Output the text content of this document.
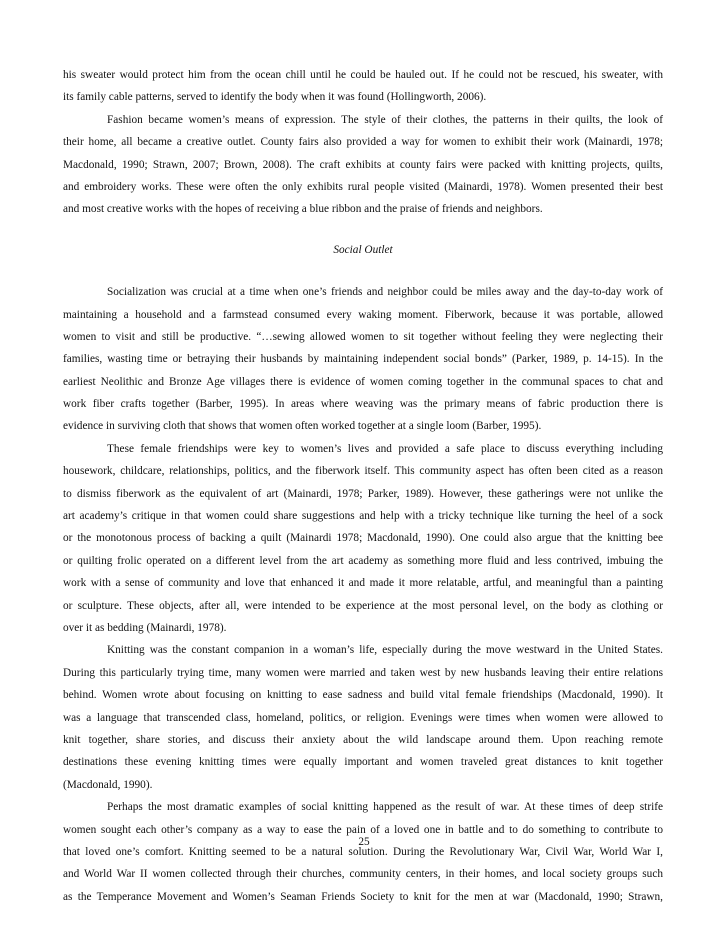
his sweater would protect him from the ocean chill until he could be hauled out. If he could not be rescued, his sweater, with
its family cable patterns, served to identify the body when it was found (Hollingworth, 2006).
Fashion became women’s means of expression. The style of their clothes, the patterns in their quilts, the look of
their home, all became a creative outlet. County fairs also provided a way for women to exhibit their work (Mainardi, 1978;
Macdonald, 1990; Strawn, 2007; Brown, 2008). The craft exhibits at county fairs were packed with knitting projects, quilts,
and embroidery works. These were often the only exhibits rural people visited (Mainardi, 1978). Women presented their best
and most creative works with the hopes of receiving a blue ribbon and the praise of friends and neighbors.
Social Outlet
Socialization was crucial at a time when one’s friends and neighbor could be miles away and the day-to-day work of
maintaining a household and a farmstead consumed every waking moment. Fiberwork, because it was portable, allowed
women to visit and still be productive. “…sewing allowed women to sit together without feeling they were neglecting their
families, wasting time or betraying their husbands by maintaining independent social bonds” (Parker, 1989, p. 14-15). In the
earliest Neolithic and Bronze Age villages there is evidence of women coming together in the communal spaces to chat and
work fiber crafts together (Barber, 1995). In areas where weaving was the primary means of fabric production there is
evidence in surviving cloth that shows that women often worked together at a single loom (Barber, 1995).
These female friendships were key to women’s lives and provided a safe place to discuss everything including
housework, childcare, relationships, politics, and the fiberwork itself. This community aspect has often been cited as a reason
to dismiss fiberwork as the equivalent of art (Mainardi, 1978; Parker, 1989). However, these gatherings were not unlike the
art academy’s critique in that women could share suggestions and help with a tricky technique like turning the heel of a sock
or the monotonous process of backing a quilt (Mainardi 1978; Macdonald, 1990). One could also argue that the knitting bee
or quilting frolic operated on a different level from the art academy as something more fluid and less contrived, imbuing the
work with a sense of community and love that enhanced it and made it more relatable, artful, and meaningful than a painting
or sculpture. These objects, after all, were intended to be experience at the most personal level, on the body as clothing or
over it as bedding (Mainardi, 1978).
Knitting was the constant companion in a woman’s life, especially during the move westward in the United States.
During this particularly trying time, many women were married and taken west by new husbands leaving their entire relations
behind. Women wrote about focusing on knitting to ease sadness and build vital female friendships (Macdonald, 1990). It
was a language that transcended class, homeland, politics, or religion. Evenings were times when women were allowed to
knit together, share stories, and discuss their anxiety about the wild landscape around them. Upon reaching remote
destinations these evening knitting times were equally important and women traveled great distances to knit together
(Macdonald, 1990).
Perhaps the most dramatic examples of social knitting happened as the result of war. At these times of deep strife
women sought each other’s company as a way to ease the pain of a loved one in battle and to do something to contribute to
that loved one’s comfort. Knitting seemed to be a natural solution. During the Revolutionary War, Civil War, World War I,
and World War II women collected through their churches, community centers, in their homes, and local society groups such
as the Temperance Movement and Women’s Seaman Friends Society to knit for the men at war (Macdonald, 1990; Strawn,
25
